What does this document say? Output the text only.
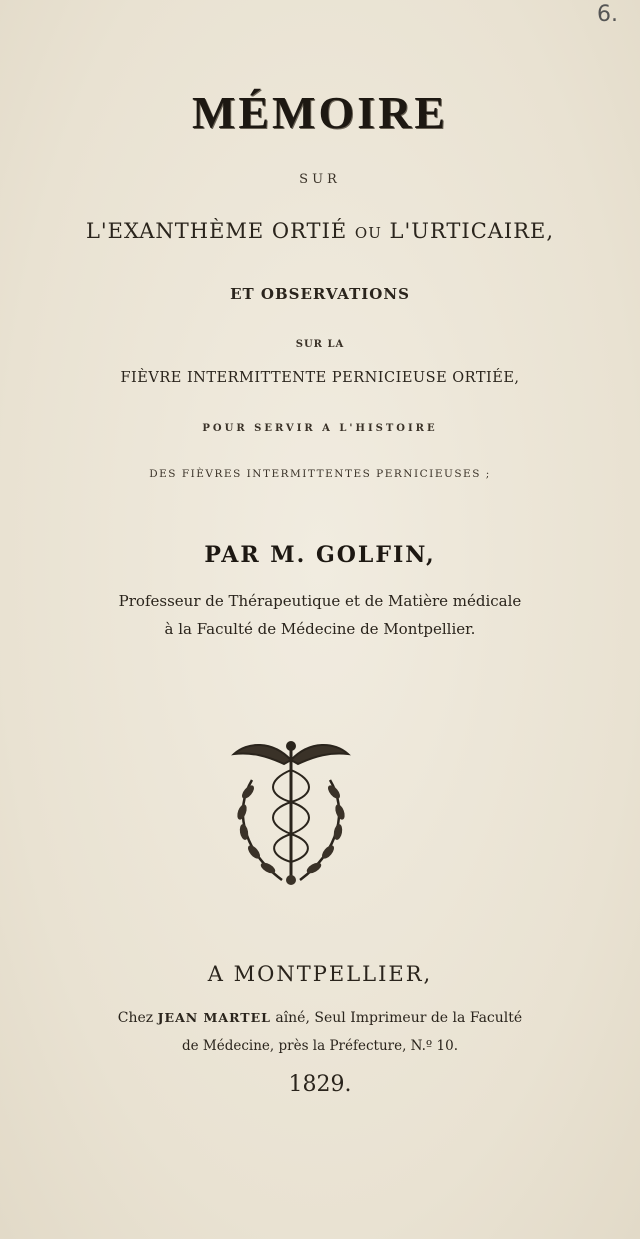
6.
MÉMOIRE
SUR
L'EXANTHÈME ORTIÉ OU L'URTICAIRE,
ET OBSERVATIONS
SUR LA
FIÈVRE INTERMITTENTE PERNICIEUSE ORTIÉE,
POUR SERVIR A L'HISTOIRE
DES FIÈVRES INTERMITTENTES PERNICIEUSES ;
PAR M. GOLFIN,
Professeur de Thérapeutique et de Matière médicale
à la Faculté de Médecine de Montpellier.
A MONTPELLIER,
Chez JEAN MARTEL aîné, Seul Imprimeur de la Faculté
de Médecine, près la Préfecture, N.º 10.
1829.
